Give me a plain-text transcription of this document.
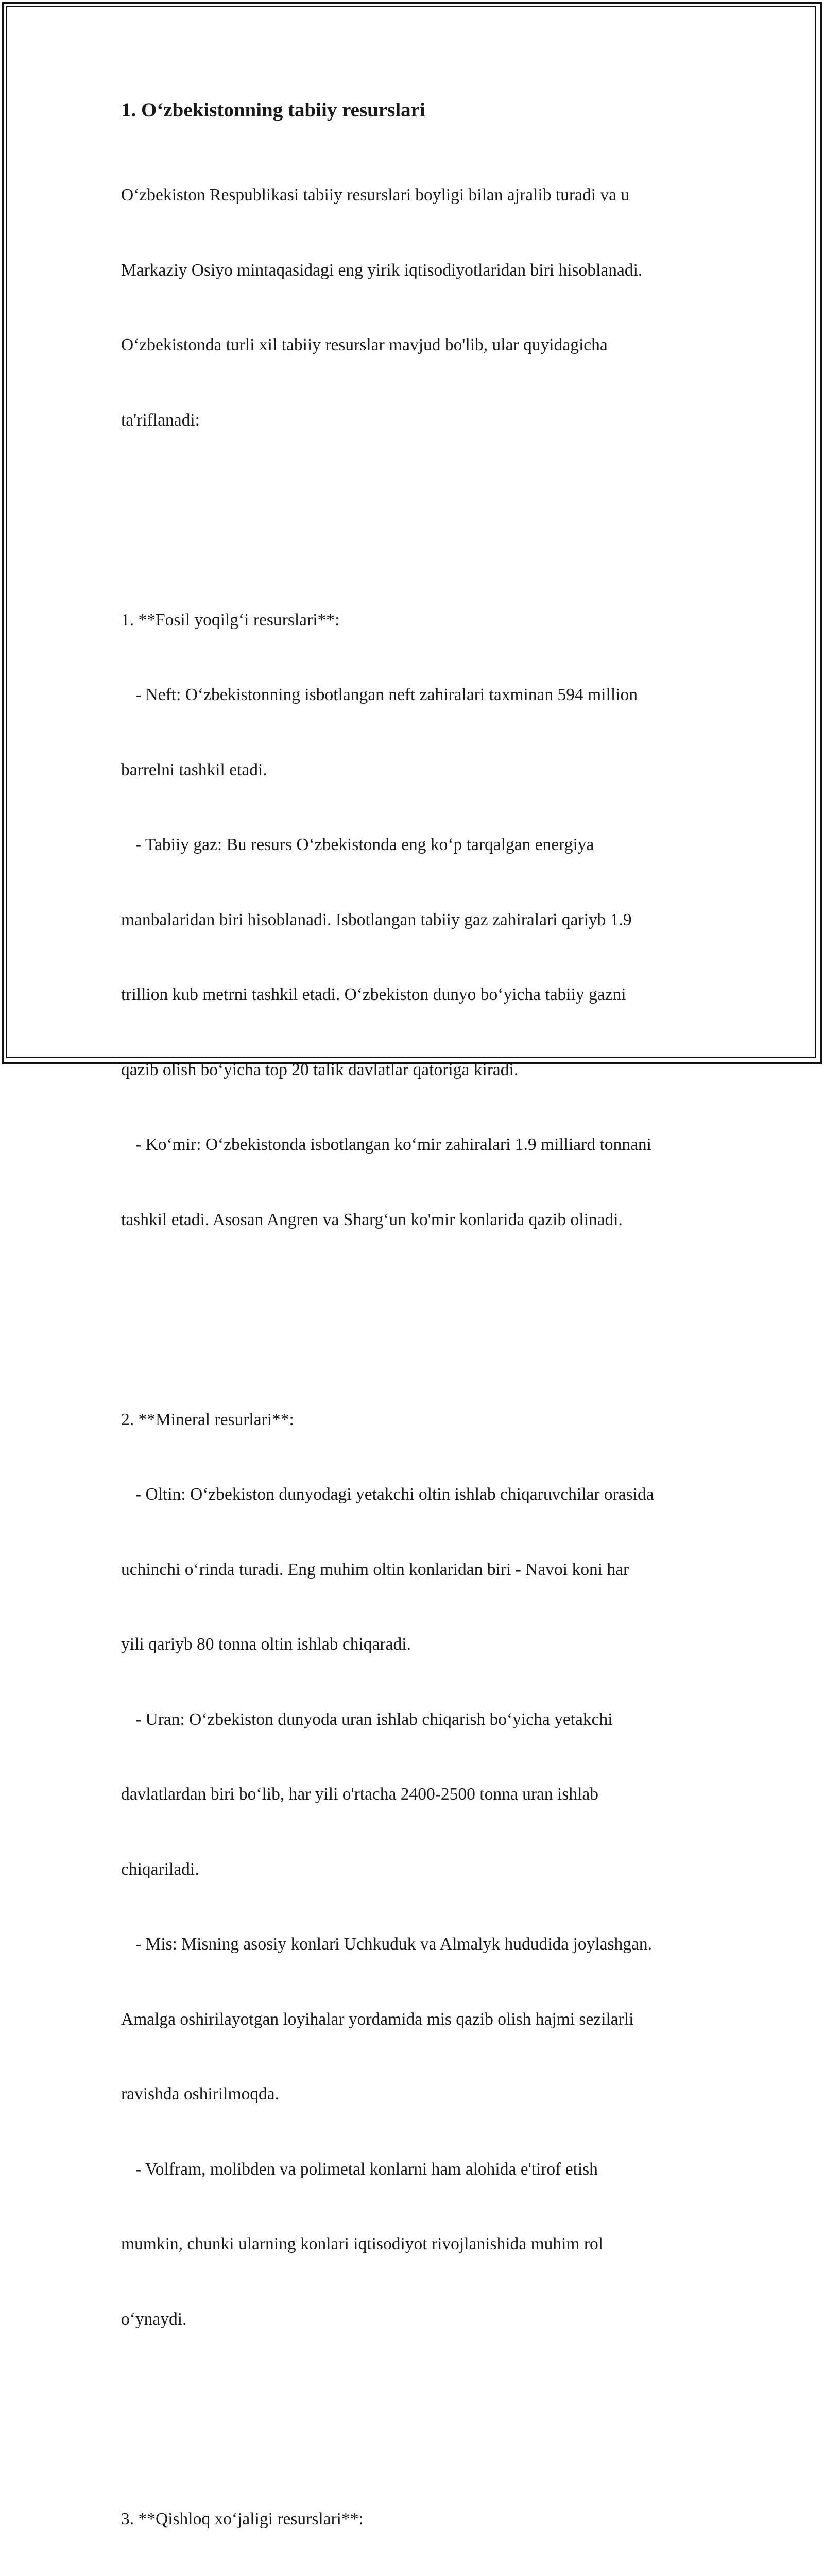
1. O‘zbekistonning tabiiy resurslari

O‘zbekiston Respublikasi tabiiy resurslari boyligi bilan ajralib turadi va u

Markaziy Osiyo mintaqasidagi eng yirik iqtisodiyotlaridan biri hisoblanadi.

O‘zbekistonda turli xil tabiiy resurslar mavjud bo'lib, ular quyidagicha

ta'riflanadi:

1. **Fosil yoqilg‘i resurslari**:

- Neft: O‘zbekistonning isbotlangan neft zahiralari taxminan 594 million

barrelni tashkil etadi.

- Tabiiy gaz: Bu resurs O‘zbekistonda eng ko‘p tarqalgan energiya

manbalaridan biri hisoblanadi. Isbotlangan tabiiy gaz zahiralari qariyb 1.9

trillion kub metrni tashkil etadi. O‘zbekiston dunyo bo‘yicha tabiiy gazni

qazib olish bo‘yicha top 20 talik davlatlar qatoriga kiradi.

- Ko‘mir: O‘zbekistonda isbotlangan ko‘mir zahiralari 1.9 milliard tonnani

tashkil etadi. Asosan Angren va Sharg‘un ko'mir konlarida qazib olinadi.

2. **Mineral resurlari**:

- Oltin: O‘zbekiston dunyodagi yetakchi oltin ishlab chiqaruvchilar orasida

uchinchi o‘rinda turadi. Eng muhim oltin konlaridan biri - Navoi koni har

yili qariyb 80 tonna oltin ishlab chiqaradi.

- Uran: O‘zbekiston dunyoda uran ishlab chiqarish bo‘yicha yetakchi

davlatlardan biri bo‘lib, har yili o'rtacha 2400-2500 tonna uran ishlab

chiqariladi.

- Mis: Misning asosiy konlari Uchkuduk va Almalyk hududida joylashgan.

Amalga oshirilayotgan loyihalar yordamida mis qazib olish hajmi sezilarli

ravishda oshirilmoqda.

- Volfram, molibden va polimetal konlarni ham alohida e'tirof etish

mumkin, chunki ularning konlari iqtisodiyot rivojlanishida muhim rol

o‘ynaydi.

3. **Qishloq xo‘jaligi resurslari**:
